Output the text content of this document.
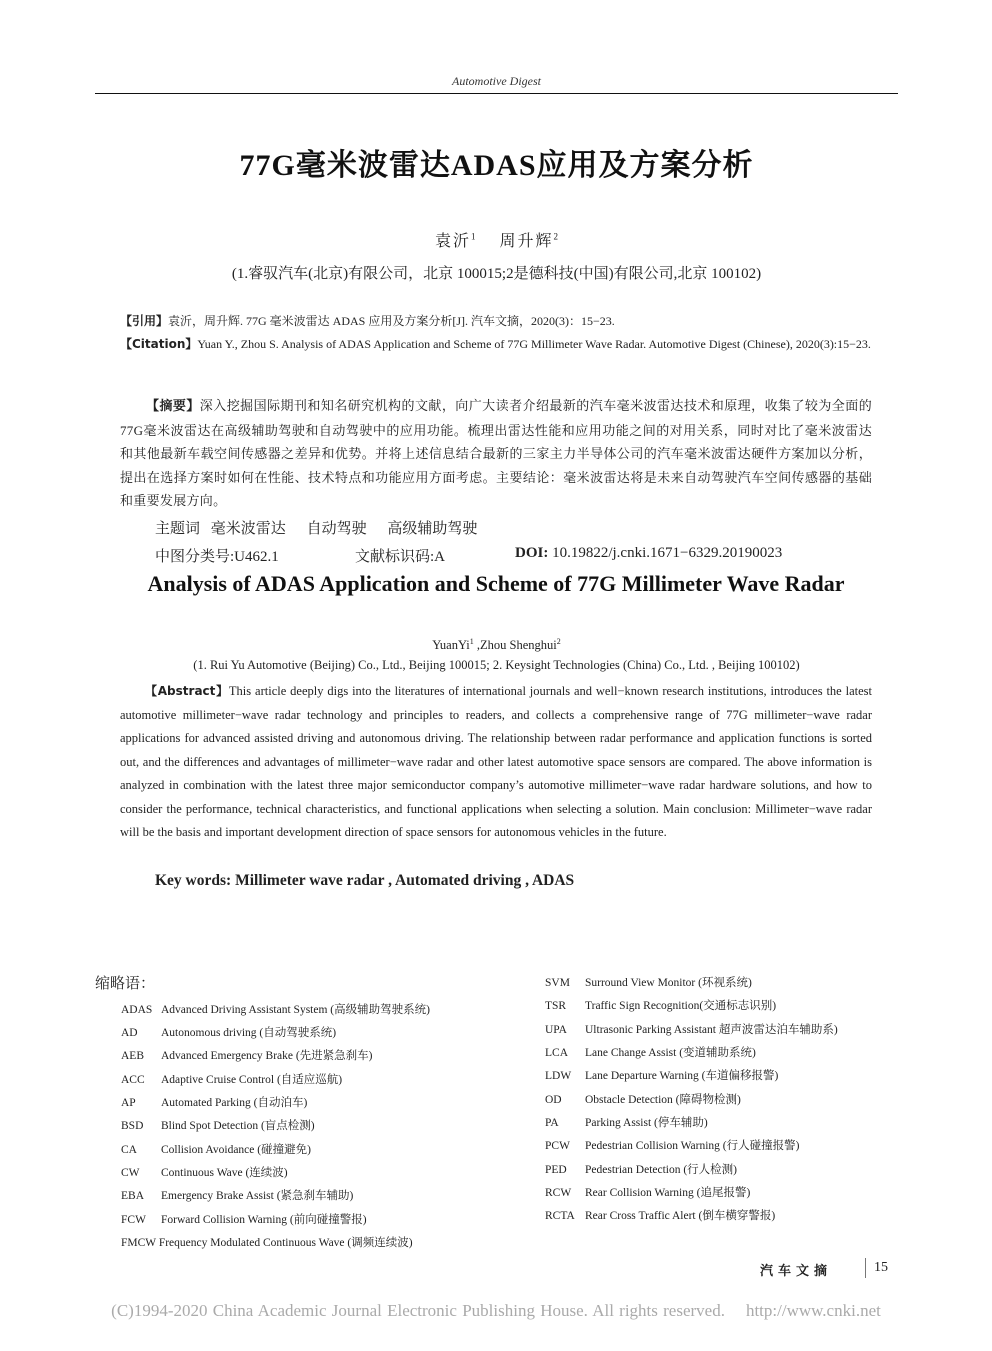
Automotive Digest
77G毫米波雷达ADAS应用及方案分析
袁沂$^1$ 周升辉$^2$
(1.睿驭汽车(北京)有限公司，北京 100015;2是德科技(中国)有限公司,北京 100102)
【引用】袁沂，周升辉. 77G 毫米波雷达 ADAS 应用及方案分析[J]. 汽车文摘，2020(3)：15−23.
【Citation】Yuan Y., Zhou S. Analysis of ADAS Application and Scheme of 77G Millimeter Wave Radar. Automotive Digest (Chinese), 2020(3):15−23.
【摘要】深入挖掘国际期刊和知名研究机构的文献，向广大读者介绍最新的汽车毫米波雷达技术和原理，收集了较为全面的77G毫米波雷达在高级辅助驾驶和自动驾驶中的应用功能。梳理出雷达性能和应用功能之间的对用关系，同时对比了毫米波雷达和其他最新车载空间传感器之差异和优势。并将上述信息结合最新的三家主力半导体公司的汽车毫米波雷达硬件方案加以分析，提出在选择方案时如何在性能、技术特点和功能应用方面考虑。主要结论：毫米波雷达将是未来自动驾驶汽车空间传感器的基础和重要发展方向。
主题词 毫米波雷达 自动驾驶 高级辅助驾驶
中图分类号:U462.1	文献标识码:A	DOI: 10.19822/j.cnki.1671−6329.20190023
Analysis of ADAS Application and Scheme of 77G Millimeter Wave Radar
YuanYi$^1$ ,Zhou Shenghui$^2$
(1. Rui Yu Automotive (Beijing) Co., Ltd., Beijing 100015; 2. Keysight Technologies (China) Co., Ltd. , Beijing 100102)
【Abstract】This article deeply digs into the literatures of international journals and well−known research institutions, introduces the latest automotive millimeter−wave radar technology and principles to readers, and collects a comprehensive range of 77G millimeter−wave radar applications for advanced assisted driving and autonomous driving. The relationship between radar performance and application functions is sorted out, and the differences and advantages of millimeter−wave radar and other latest automotive space sensors are compared. The above information is analyzed in combination with the latest three major semiconductor company’s automotive millimeter−wave radar hardware solutions, and how to consider the performance, technical characteristics, and functional applications when selecting a solution. Main conclusion: Millimeter−wave radar will be the basis and important development direction of space sensors for autonomous vehicles in the future.
Key words: Millimeter wave radar , Automated driving , ADAS
缩略语：
ADAS Advanced Driving Assistant System (高级辅助驾驶系统)
AD Autonomous driving (自动驾驶系统)
AEB Advanced Emergency Brake (先进紧急刹车)
ACC Adaptive Cruise Control (自适应巡航)
AP Automated Parking (自动泊车)
BSD Blind Spot Detection (盲点检测)
CA Collision Avoidance (碰撞避免)
CW Continuous Wave (连续波)
EBA Emergency Brake Assist (紧急刹车辅助)
FCW Forward Collision Warning (前向碰撞警报)
FMCW Frequency Modulated Continuous Wave (调频连续波)
SVM Surround View Monitor (环视系统)
TSR Traffic Sign Recognition(交通标志识别)
UPA Ultrasonic Parking Assistant 超声波雷达泊车辅助系)
LCA Lane Change Assist (变道辅助系统)
LDW Lane Departure Warning (车道偏移报警)
OD Obstacle Detection (障碍物检测)
PA Parking Assist (停车辅助)
PCW Pedestrian Collision Warning (行人碰撞报警)
PED Pedestrian Detection (行人检测)
RCW Rear Collision Warning (追尾报警)
RCTA Rear Cross Traffic Alert (倒车横穿警报)
汽车文摘	15
(C)1994-2020 China Academic Journal Electronic Publishing House. All rights reserved.    http://www.cnki.net
